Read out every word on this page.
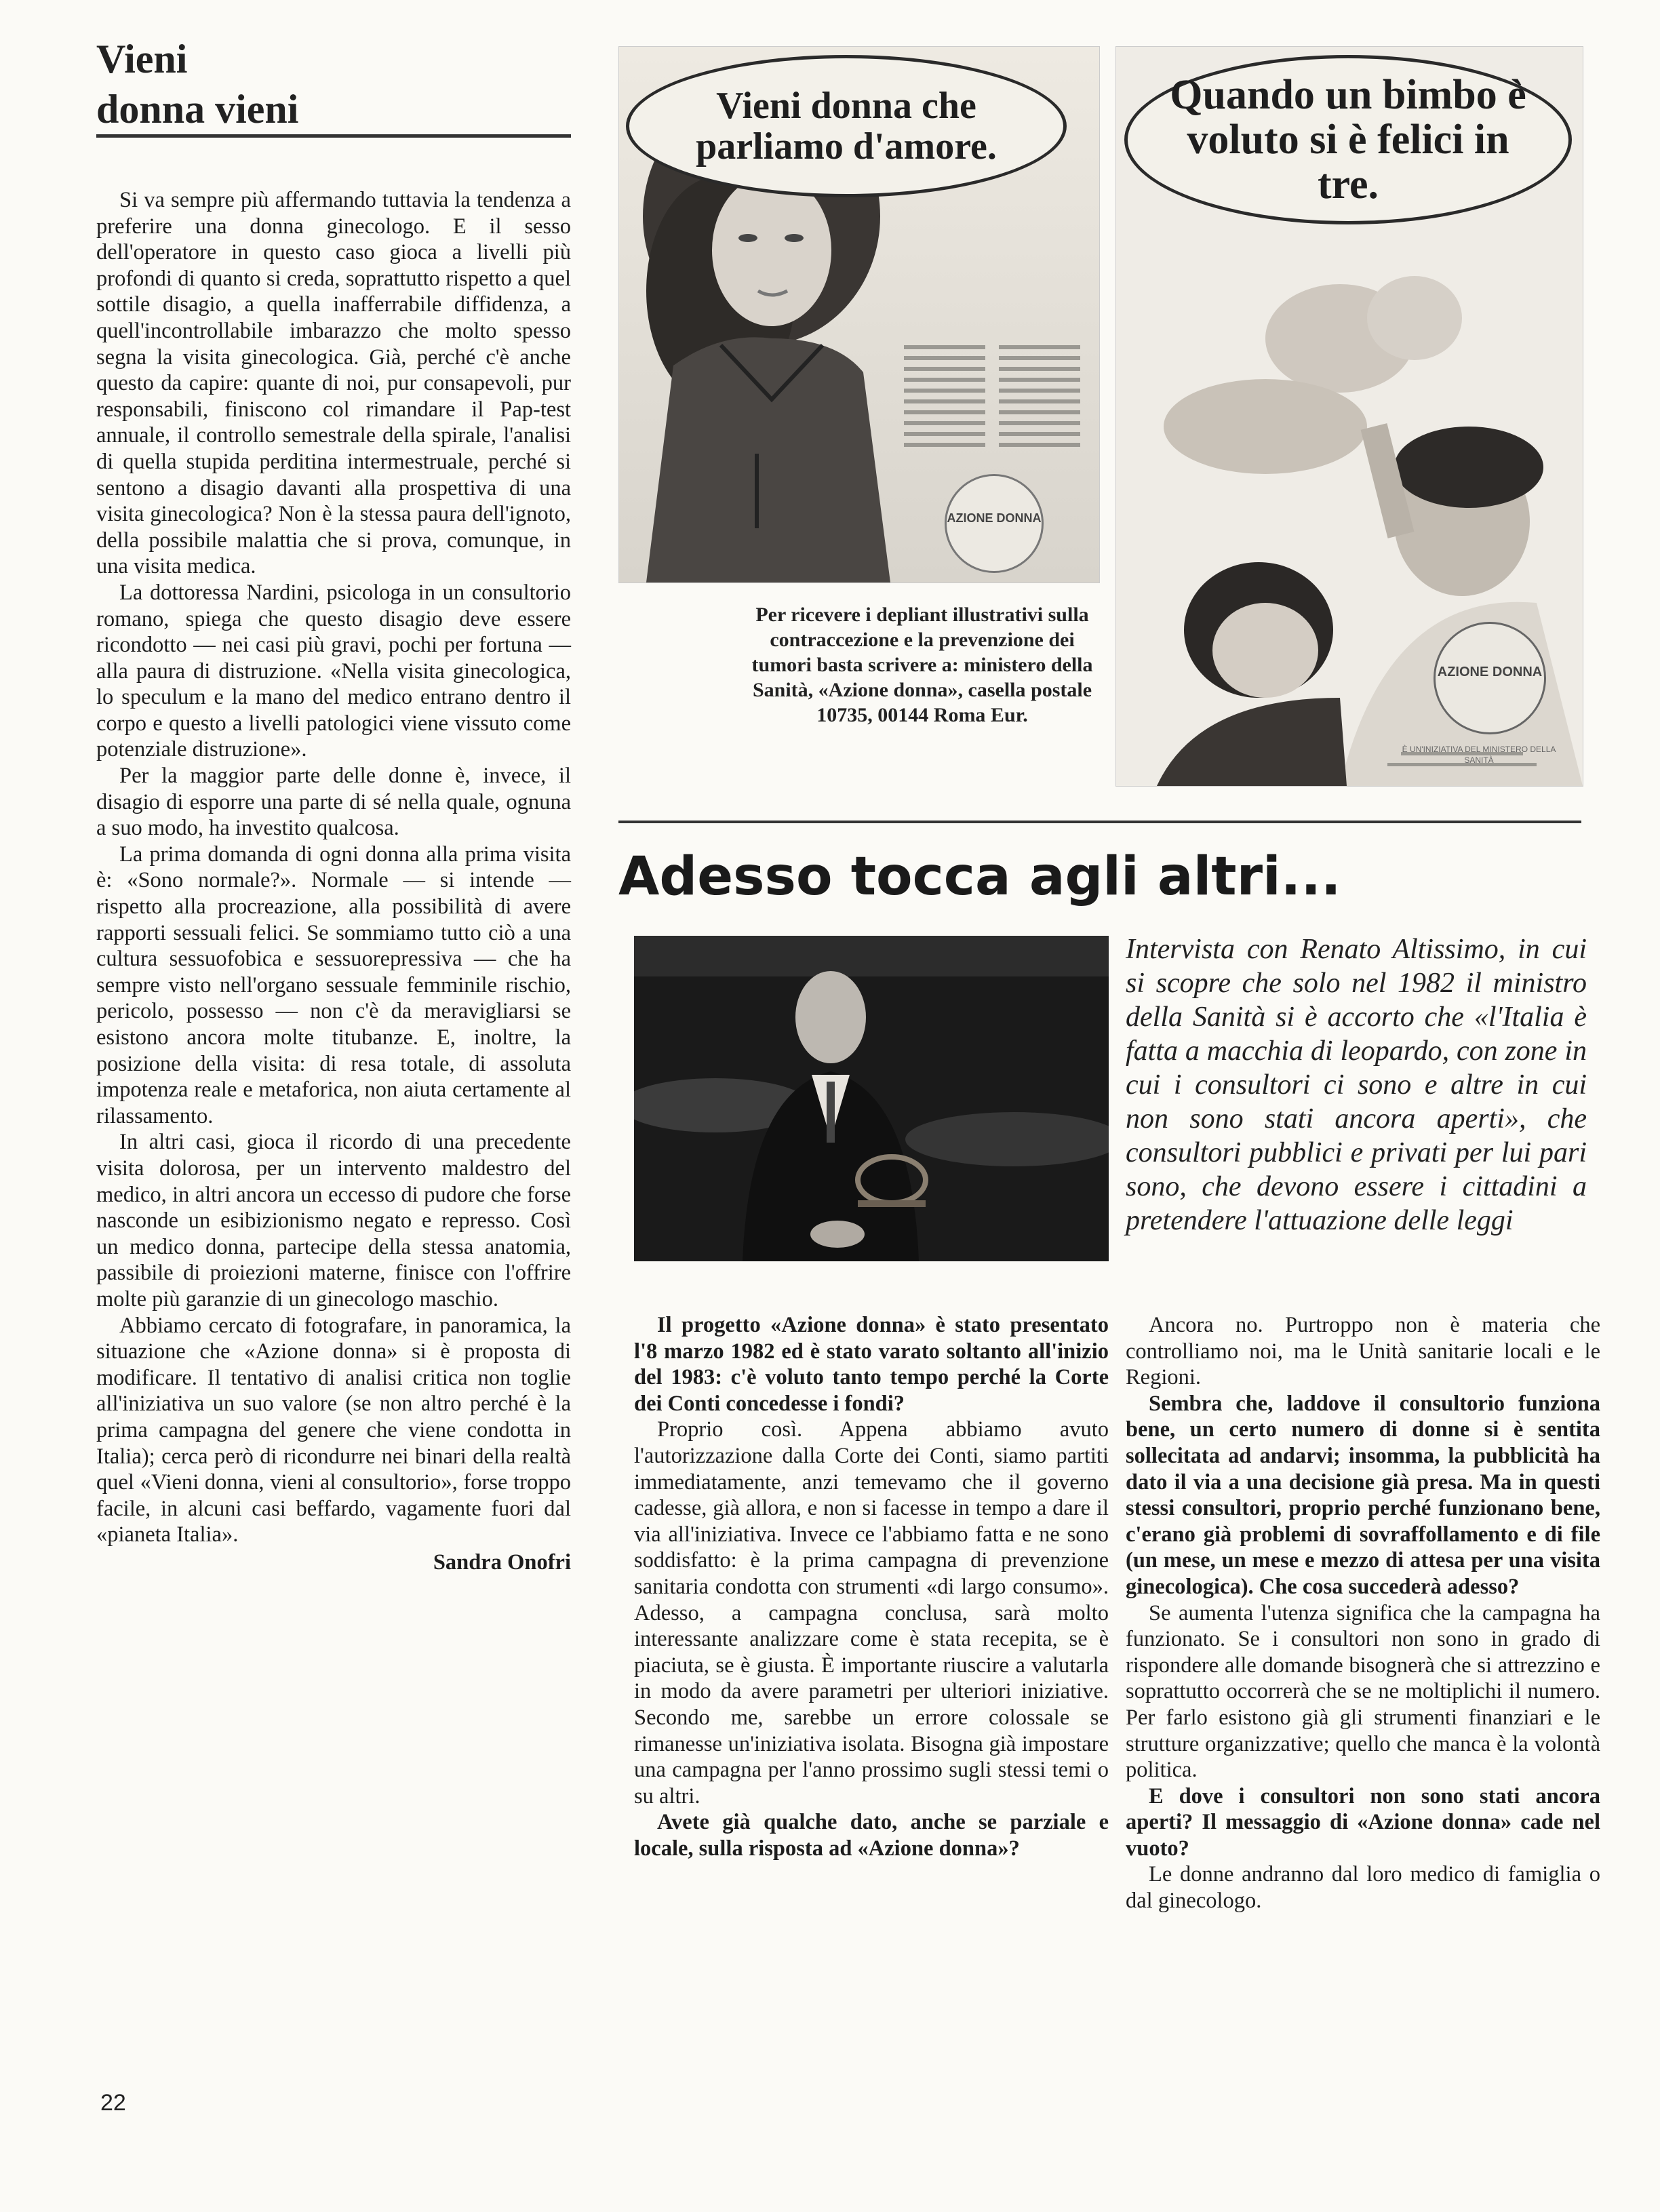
Vieni
donna vieni

Si va sempre più affermando tuttavia la tendenza a preferire una donna ginecologo. E il sesso dell'operatore in questo caso gioca a livelli più profondi di quanto si creda, soprattutto rispetto a quel sottile disagio, a quella inafferrabile diffidenza, a quell'incontrollabile imbarazzo che molto spesso segna la visita ginecologica. Già, perché c'è anche questo da capire: quante di noi, pur consapevoli, pur responsabili, finiscono col rimandare il Pap-test annuale, il controllo semestrale della spirale, l'analisi di quella stupida perditina intermestruale, perché si sentono a disagio davanti alla prospettiva di una visita ginecologica? Non è la stessa paura dell'ignoto, della possibile malattia che si prova, comunque, in una visita medica.

La dottoressa Nardini, psicologa in un consultorio romano, spiega che questo disagio deve essere ricondotto — nei casi più gravi, pochi per fortuna — alla paura di distruzione. «Nella visita ginecologica, lo speculum e la mano del medico entrano dentro il corpo e questo a livelli patologici viene vissuto come potenziale distruzione».

Per la maggior parte delle donne è, invece, il disagio di esporre una parte di sé nella quale, ognuna a suo modo, ha investito qualcosa.

La prima domanda di ogni donna alla prima visita è: «Sono normale?». Normale — si intende — rispetto alla procreazione, alla possibilità di avere rapporti sessuali felici. Se sommiamo tutto ciò a una cultura sessuofobica e sessuorepressiva — che ha sempre visto nell'organo sessuale femminile rischio, pericolo, possesso — non c'è da meravigliarsi se esistono ancora molte titubanze. E, inoltre, la posizione della visita: di resa totale, di assoluta impotenza reale e metaforica, non aiuta certamente al rilassamento.

In altri casi, gioca il ricordo di una precedente visita dolorosa, per un intervento maldestro del medico, in altri ancora un eccesso di pudore che forse nasconde un esibizionismo negato e represso. Così un medico donna, partecipe della stessa anatomia, passibile di proiezioni materne, finisce con l'offrire molte più garanzie di un ginecologo maschio.

Abbiamo cercato di fotografare, in panoramica, la situazione che «Azione donna» si è proposta di modificare. Il tentativo di analisi critica non toglie all'iniziativa un suo valore (se non altro perché è la prima campagna del genere che viene condotta in Italia); cerca però di ricondurre nei binari della realtà quel «Vieni donna, vieni al consultorio», forse troppo facile, in alcuni casi beffardo, vagamente fuori dal «pianeta Italia».

Sandra Onofri
Vieni donna che parliamo d'amore.
AZIONE DONNA
Per ricevere i depliant illustrativi sulla contraccezione e la prevenzione dei tumori basta scrivere a: ministero della Sanità, «Azione donna», casella postale 10735, 00144 Roma Eur.
Quando un bimbo è voluto si è felici in tre.
AZIONE DONNA
È UN'INIZIATIVA DEL MINISTERO DELLA SANITÀ
Adesso tocca agli altri...
Intervista con Renato Altissimo, in cui si scopre che solo nel 1982 il ministro della Sanità si è accorto che «l'Italia è fatta a macchia di leopardo, con zone in cui i consultori ci sono e altre in cui non sono stati ancora aperti», che consultori pubblici e privati per lui pari sono, che devono essere i cittadini a pretendere l'attuazione delle leggi

Il progetto «Azione donna» è stato presentato l'8 marzo 1982 ed è stato varato soltanto all'inizio del 1983: c'è voluto tanto tempo perché la Corte dei Conti concedesse i fondi?

Proprio così. Appena abbiamo avuto l'autorizzazione dalla Corte dei Conti, siamo partiti immediatamente, anzi temevamo che il governo cadesse, già allora, e non si facesse in tempo a dare il via all'iniziativa. Invece ce l'abbiamo fatta e ne sono soddisfatto: è la prima campagna di prevenzione sanitaria condotta con strumenti «di largo consumo». Adesso, a campagna conclusa, sarà molto interessante analizzare come è stata recepita, se è piaciuta, se è giusta. È importante riuscire a valutarla in modo da avere parametri per ulteriori iniziative. Secondo me, sarebbe un errore colossale se rimanesse un'iniziativa isolata. Bisogna già impostare una campagna per l'anno prossimo sugli stessi temi o su altri.

Avete già qualche dato, anche se parziale e locale, sulla risposta ad «Azione donna»?

Ancora no. Purtroppo non è materia che controlliamo noi, ma le Unità sanitarie locali e le Regioni.

Sembra che, laddove il consultorio funziona bene, un certo numero di donne si è sentita sollecitata ad andarvi; insomma, la pubblicità ha dato il via a una decisione già presa. Ma in questi stessi consultori, proprio perché funzionano bene, c'erano già problemi di sovraffollamento e di file (un mese, un mese e mezzo di attesa per una visita ginecologica). Che cosa succederà adesso?

Se aumenta l'utenza significa che la campagna ha funzionato. Se i consultori non sono in grado di rispondere alle domande bisognerà che si attrezzino e soprattutto occorrerà che se ne moltiplichi il numero. Per farlo esistono già gli strumenti finanziari e le strutture organizzative; quello che manca è la volontà politica.

E dove i consultori non sono stati ancora aperti? Il messaggio di «Azione donna» cade nel vuoto?

Le donne andranno dal loro medico di famiglia o dal ginecologo.

22
